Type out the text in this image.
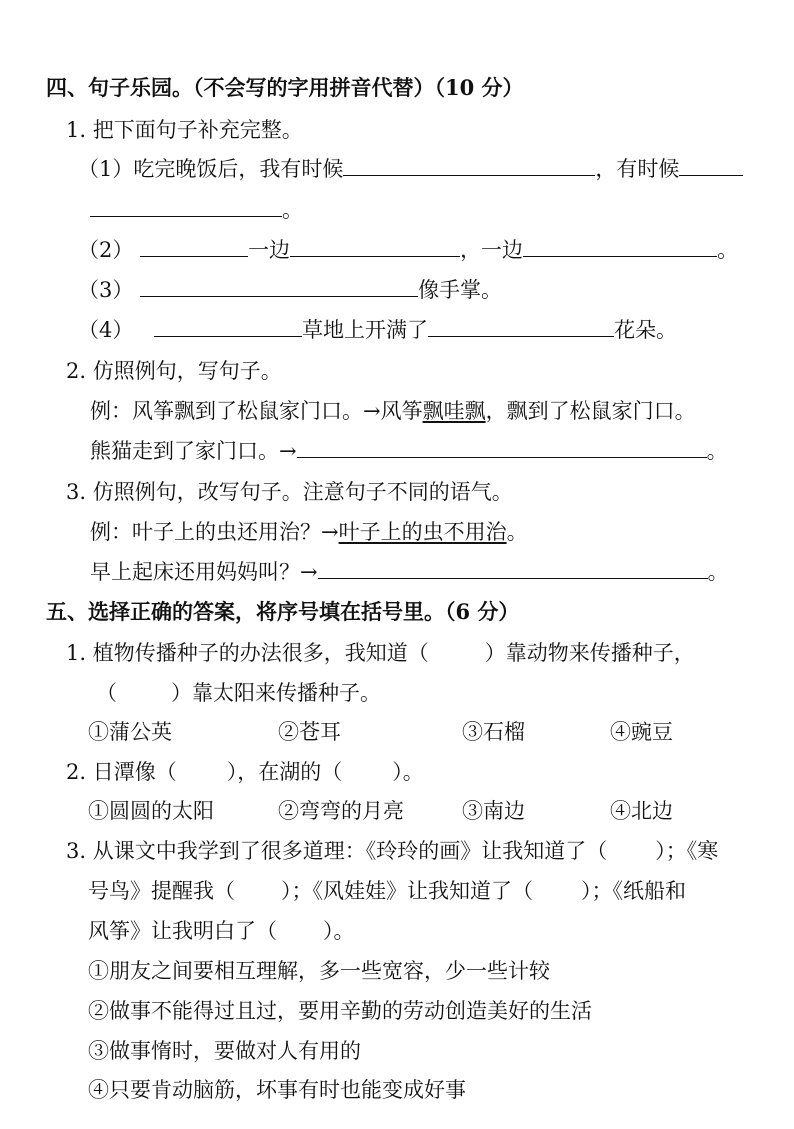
四、句子乐园。（不会写的字用拼音代替）（10 分）
1. 把下面句子补充完整。
（1）吃完晚饭后，我有时候	，有时候
。
（2）	一边	，一边	。
（3）	像手掌。
（4）	草地上开满了	花朵。
2. 仿照例句，写句子。
例：风筝飘到了松鼠家门口。→风筝飘哇飘，飘到了松鼠家门口。
熊猫走到了家门口。→	。
3. 仿照例句，改写句子。注意句子不同的语气。
例：叶子上的虫还用治？→叶子上的虫不用治。
早上起床还用妈妈叫？→	。
五、选择正确的答案，将序号填在括号里。（6 分）
1. 植物传播种子的办法很多，我知道（	）靠动物来传播种子，
（	）靠太阳来传播种子。
①蒲公英	②苍耳	③石榴	④豌豆
2. 日潭像（ ），在湖的（ ）。
①圆圆的太阳	②弯弯的月亮	③南边	④北边
3. 从课文中我学到了很多道理：《玲玲的画》让我知道了（ ）；《寒
号鸟》提醒我（ ）；《风娃娃》让我知道了（ ）；《纸船和
风筝》让我明白了（ ）。
①朋友之间要相互理解，多一些宽容，少一些计较
②做事不能得过且过，要用辛勤的劳动创造美好的生活
③做事惰时，要做对人有用的
④只要肯动脑筋，坏事有时也能变成好事
